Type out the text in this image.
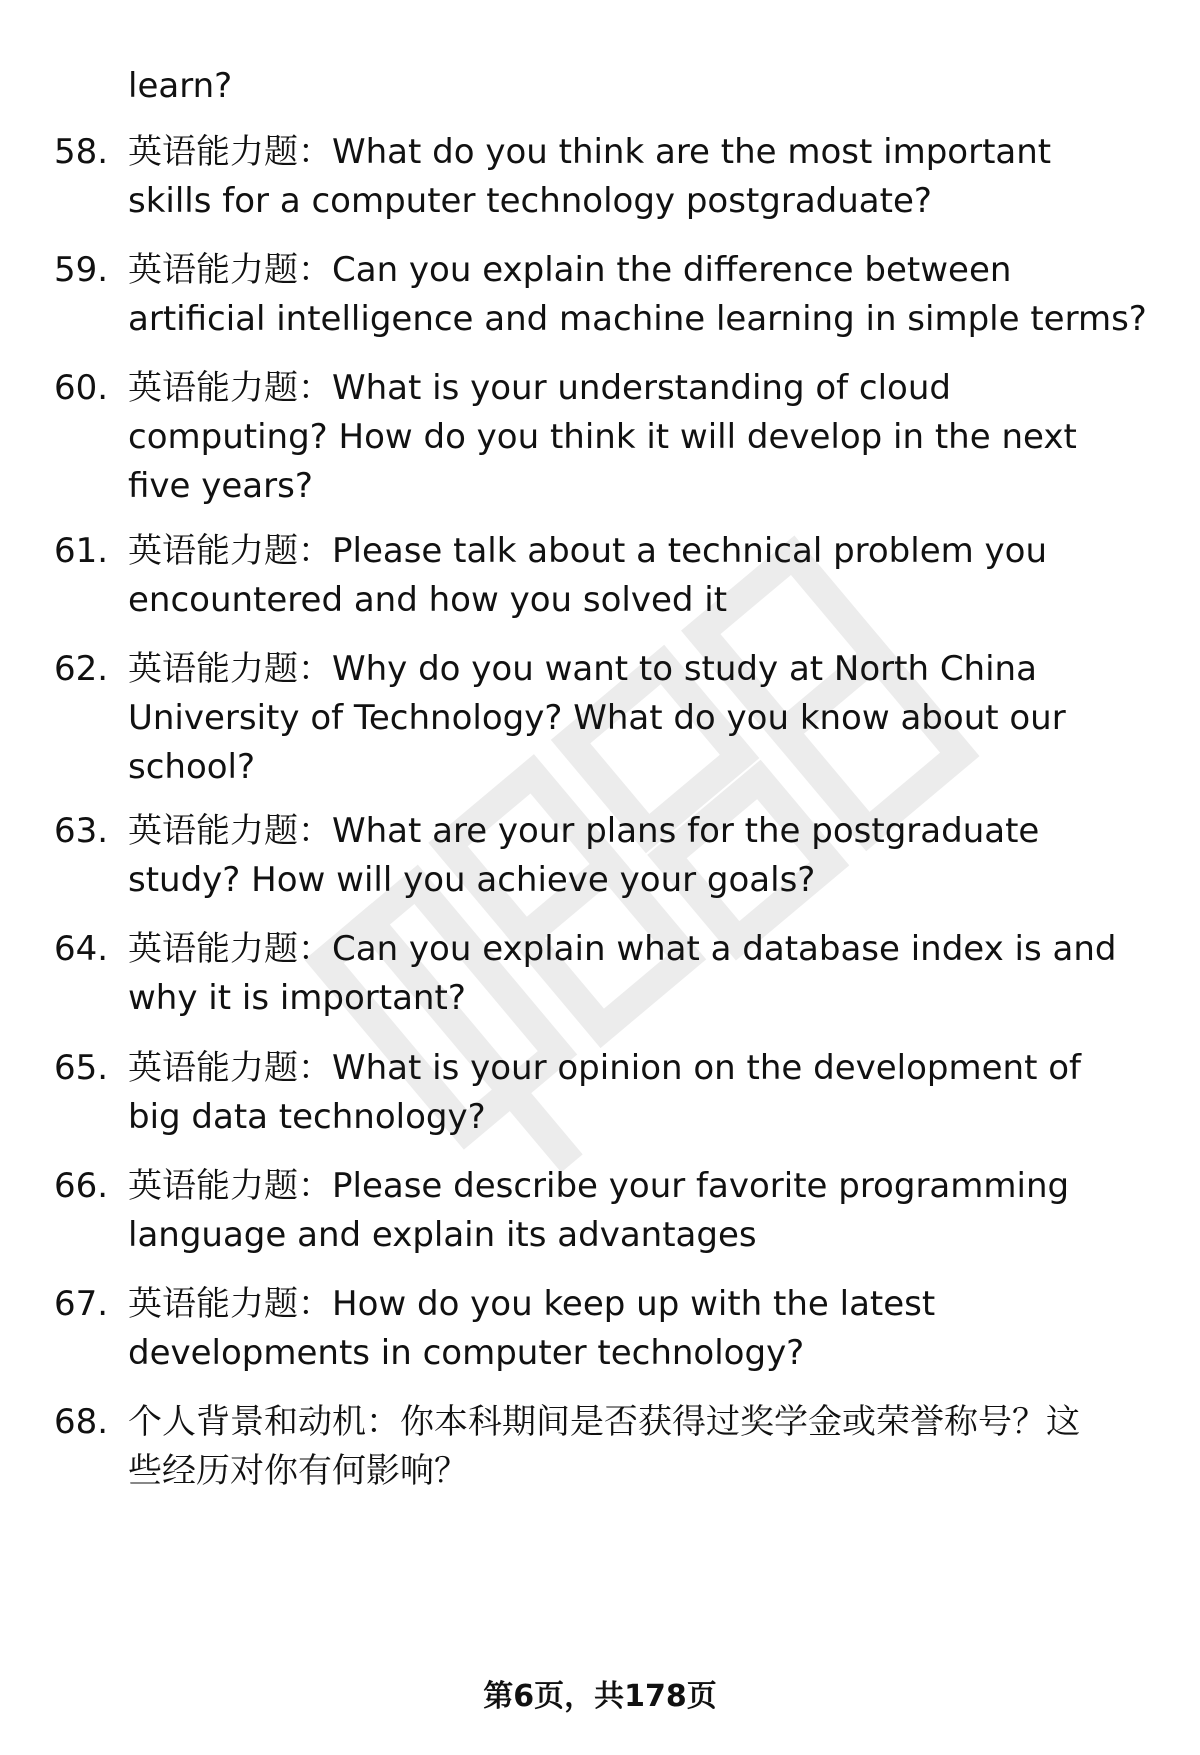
learn?
58. 英语能力题：What do you think are the most important
skills for a computer technology postgraduate?
59. 英语能力题：Can you explain the difference between
artificial intelligence and machine learning in simple terms?
60. 英语能力题：What is your understanding of cloud
computing? How do you think it will develop in the next
five years?
61. 英语能力题：Please talk about a technical problem you
encountered and how you solved it
62. 英语能力题：Why do you want to study at North China
University of Technology? What do you know about our
school?
63. 英语能力题：What are your plans for the postgraduate
study? How will you achieve your goals?
64. 英语能力题：Can you explain what a database index is and
why it is important?
65. 英语能力题：What is your opinion on the development of
big data technology?
66. 英语能力题：Please describe your favorite programming
language and explain its advantages
67. 英语能力题：How do you keep up with the latest
developments in computer technology?
68. 个人背景和动机：你本科期间是否获得过奖学金或荣誉称号？这
些经历对你有何影响？
第6页，共178页
